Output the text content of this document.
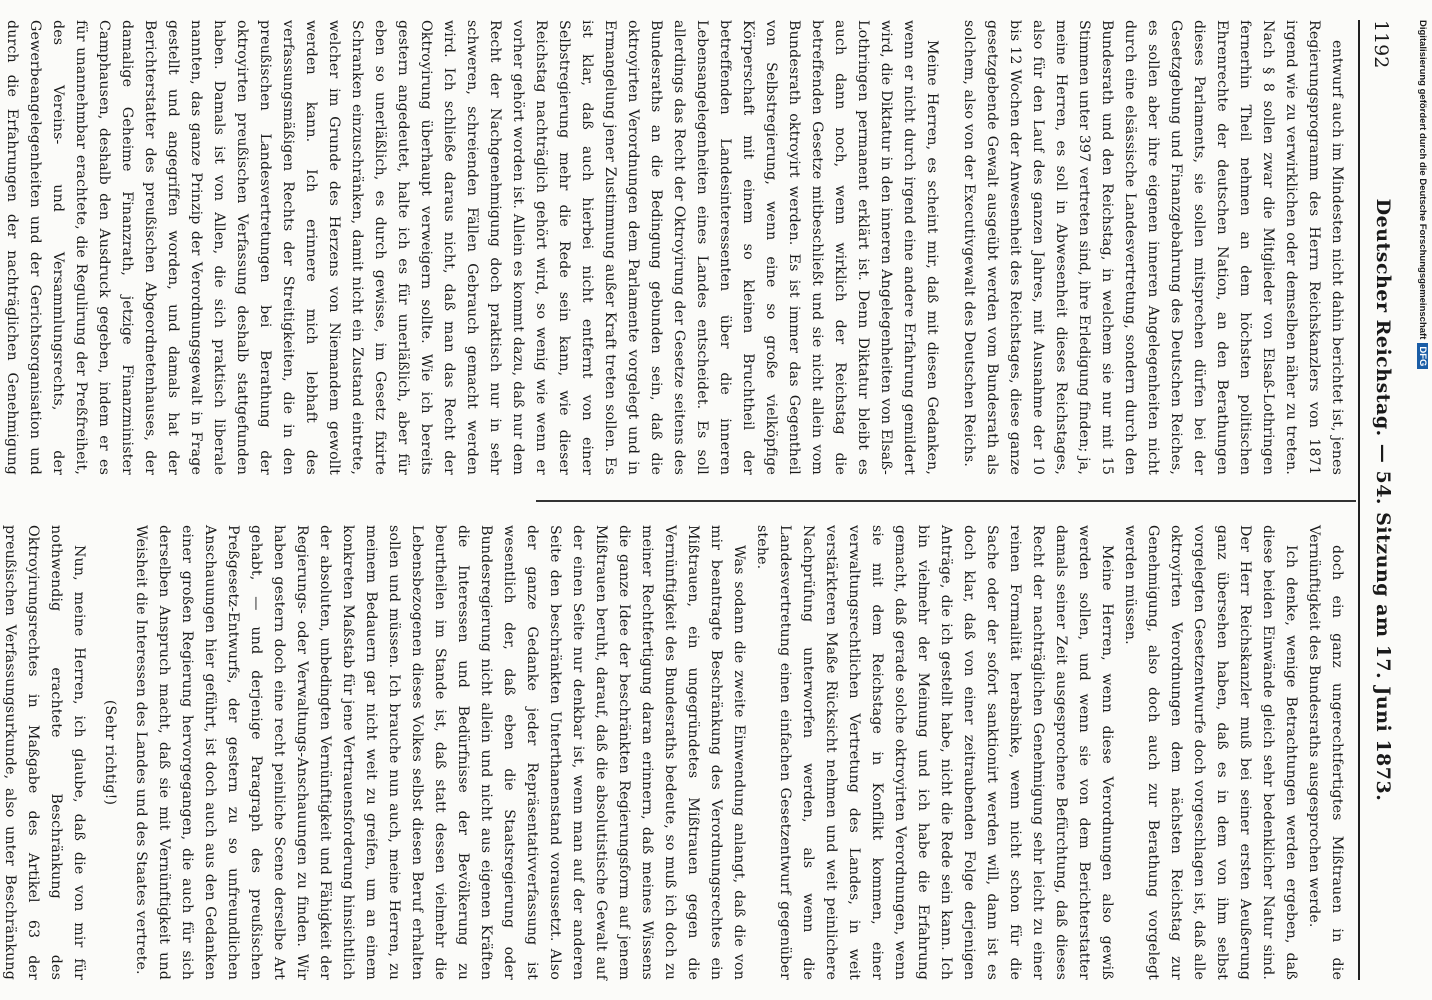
1192
Deutscher Reichstag. — 54. Sitzung am 17. Juni 1873.

entwurf auch im Mindesten nicht dahin berichtet ist, jenes Regierungsprogramm des Herrn Reichskanzlers von 1871 irgend wie zu verwirklichen oder demselben näher zu treten. Nach § 8 sollen zwar die Mitglieder von Elsaß-Lothringen fernerhin Theil nehmen an dem höchsten politischen Ehrenrechte der deutschen Nation, an den Berathungen dieses Parlaments, sie sollen mitsprechen dürfen bei der Gesetzgebung und Finanzgebahrung des Deutschen Reiches, es sollen aber ihre eigenen inneren Angelegenheiten nicht durch eine elsässische Landesvertretung, sondern durch den Bundesrath und den Reichstag, in welchem sie nur mit 15 Stimmen unter 397 vertreten sind, ihre Erledigung finden; ja, meine Herren, es soll in Abwesenheit dieses Reichstages, also für den Lauf des ganzen Jahres, mit Ausnahme der 10 bis 12 Wochen der Anwesenheit des Reichstages, diese ganze gesetzgebende Gewalt ausgeübt werden vom Bundesrath als solchem, also von der Executivgewalt des Deutschen Reichs.

Meine Herren, es scheint mir, daß mit diesen Gedanken, wenn er nicht durch irgend eine andere Erfahrung gemildert wird, die Diktatur in den inneren Angelegenheiten von Elsaß-Lothringen permanent erklärt ist. Denn Diktatur bleibt es auch dann noch, wenn wirklich der Reichstag die betreffenden Gesetze mitbeschließt und sie nicht allein vom Bundesrath oktroyirt werden. Es ist immer das Gegentheil von Selbstregierung, wenn eine so große vielköpfige Körperschaft mit einem so kleinen Bruchtheil der betreffenden Landesinteressenten über die inneren Lebensangelegenheiten eines Landes entscheidet. Es soll allerdings das Recht der Oktroyirung der Gesetze seitens des Bundesraths an die Bedingung gebunden sein, daß die oktroyirten Verordnungen dem Parlamente vorgelegt und in Ermangelung jener Zustimmung außer Kraft treten sollen. Es ist klar, daß auch hierbei nicht entfernt von einer Selbstregierung mehr die Rede sein kann, wie dieser Reichstag nachträglich gehört wird, so wenig wie wenn er vorher gehört worden ist. Allein es kommt dazu, daß nur dem Recht der Nachgenehmigung doch praktisch nur in sehr schweren, schreienden Fällen Gebrauch gemacht werden wird. Ich schließe daraus nicht, daß man das Recht der Oktroyirung überhaupt verweigern sollte. Wie ich bereits gestern angedeutet, halte ich es für unerläßlich, aber für eben so unerläßlich, es durch gewisse, im Gesetz fixirte Schranken einzuschränken, damit nicht ein Zustand eintrete, welcher im Grunde des Herzens von Niemandem gewollt werden kann. Ich erinnere mich lebhaft des verfassungsmäßigen Rechts der Streitigkeiten, die in den preußischen Landesvertretungen bei Berathung der oktroyirten preußischen Verfassung deshalb stattgefunden haben. Damals ist von Allen, die sich praktisch liberale nannten, das ganze Prinzip der Verordnungsgewalt in Frage gestellt und angegriffen worden, und damals hat der Berichterstatter des preußischen Abgeordnetenhauses, der damalige Geheime Finanzrath, jetzige Finanzminister Camphausen, deshalb den Ausdruck gegeben, indem er es für unannehmbar erachtete, die Regulirung der Preßfreiheit, des Vereins- und Versammlungsrechts, der Gewerbeangelegenheiten und der Gerichtsorganisation und durch die Erfahrungen der nachträglichen Genehmigung

doch ein ganz ungerechtfertigtes Mißtrauen in die Vernünftigkeit des Bundesraths ausgesprochen werde.

Ich denke, wenige Betrachtungen werden ergeben, daß diese beiden Einwände gleich sehr bedenklicher Natur sind. Der Herr Reichskanzler muß bei seiner ersten Aeußerung ganz übersehen haben, daß es in dem von ihm selbst vorgelegten Gesetzentwurfe doch vorgeschlagen ist, daß alle oktroyirten Verordnungen dem nächsten Reichstag zur Genehmigung, also doch auch zur Berathung vorgelegt werden müssen.

Meine Herren, wenn diese Verordnungen also gewiß werden sollen, und wenn sie von dem Berichterstatter damals seiner Zeit ausgesprochene Befürchtung, daß dieses Recht der nachträglichen Genehmigung sehr leicht zu einer reinen Formalität herabsinke, wenn nicht schon für die Sache oder der sofort sanktionirt werden will, dann ist es doch klar, daß von einer zeitraubenden Folge derjenigen Anträge, die ich gestellt habe, nicht die Rede sein kann. Ich bin vielmehr der Meinung und ich habe die Erfahrung gemacht, daß gerade solche oktroyirten Verordnungen, wenn sie mit dem Reichstage in Konflikt kommen, einer verwaltungsrechtlichen Vertretung des Landes, in weit verstärkteren Maße Rücksicht nehmen und weit peinlichere Nachprüfung unterworfen werden, als wenn die Landesvertretung einen einfachen Gesetzentwurf gegenüber stehe.

Was sodann die zweite Einwendung anlangt, daß die von mir beantragte Beschränkung des Verordnungsrechtes ein Mißtrauen, ein ungegründetes Mißtrauen gegen die Vernünftigkeit des Bundesraths bedeute, so muß ich doch zu meiner Rechtfertigung daran erinnern, daß meines Wissens die ganze Idee der beschränkten Regierungsform auf jenem Mißtrauen beruht, darauf, daß die absolutistische Gewalt auf der einen Seite nur denkbar ist, wenn man auf der anderen Seite den beschränkten Unterthanenstand voraussetzt. Also der ganze Gedanke jeder Repräsentativverfassung ist wesentlich der, daß eben die Staatsregierung oder Bundesregierung nicht allein und nicht aus eigenen Kräften die Interessen und Bedürfnisse der Bevölkerung zu beurtheilen im Stande ist, daß statt dessen vielmehr die Lebensbezogenen dieses Volkes selbst diesen Beruf erhalten sollen und müssen. Ich brauche nun auch, meine Herren, zu meinem Bedauern gar nicht weit zu greifen, um an einem konkreten Maßstab für jene Vertrauensforderung hinsichtlich der absoluten, unbedingten Vernünftigkeit und Fähigkeit der Regierungs- oder Verwaltungs-Anschauungen zu finden. Wir haben gestern doch eine recht peinliche Scene derselbe Art gehabt, — und derjenige Paragraph des preußischen Preßgesetz-Entwurfs, der gestern zu so unfreundlichen Anschauungen hier geführt, ist doch auch aus den Gedanken einer großen Regierung hervorgegangen, die auch für sich derselben Anspruch macht, daß sie mit Vernünftigkeit und Weisheit die Interessen des Landes und des Staates vertrete.

(Sehr richtig!)

Nun, meine Herren, ich glaube, daß die von mir für nothwendig erachtete Beschränkung des Oktroyirungsrechtes in Maßgabe des Artikel 63 der preußischen Verfassungsurkunde, also unter Beschränkung

Digitalisierung gefördert durch die Deutsche ForschungsgemeinschaftDFG
